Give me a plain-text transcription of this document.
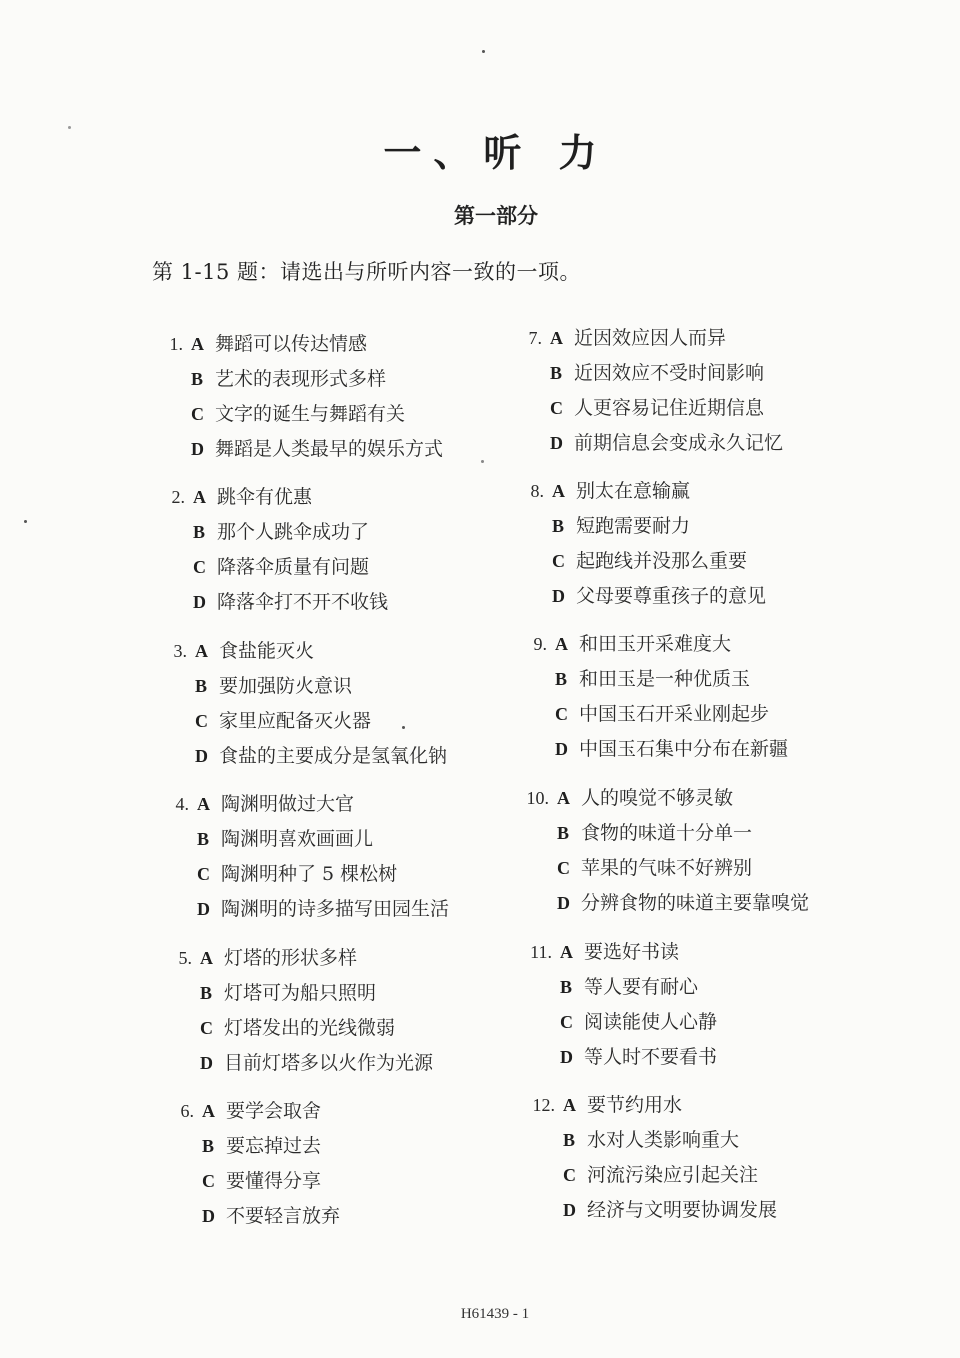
一、听 力
第一部分
第 1-15 题：请选出与所听内容一致的一项。
1. A 舞蹈可以传达情感
B 艺术的表现形式多样
C 文字的诞生与舞蹈有关
D 舞蹈是人类最早的娱乐方式
2. A 跳伞有优惠
B 那个人跳伞成功了
C 降落伞质量有问题
D 降落伞打不开不收钱
3. A 食盐能灭火
B 要加强防火意识
C 家里应配备灭火器
D 食盐的主要成分是氢氧化钠
4. A 陶渊明做过大官
B 陶渊明喜欢画画儿
C 陶渊明种了 5 棵松树
D 陶渊明的诗多描写田园生活
5. A 灯塔的形状多样
B 灯塔可为船只照明
C 灯塔发出的光线微弱
D 目前灯塔多以火作为光源
6. A 要学会取舍
B 要忘掉过去
C 要懂得分享
D 不要轻言放弃
7. A 近因效应因人而异
B 近因效应不受时间影响
C 人更容易记住近期信息
D 前期信息会变成永久记忆
8. A 别太在意输赢
B 短跑需要耐力
C 起跑线并没那么重要
D 父母要尊重孩子的意见
9. A 和田玉开采难度大
B 和田玉是一种优质玉
C 中国玉石开采业刚起步
D 中国玉石集中分布在新疆
10. A 人的嗅觉不够灵敏
B 食物的味道十分单一
C 苹果的气味不好辨别
D 分辨食物的味道主要靠嗅觉
11. A 要选好书读
B 等人要有耐心
C 阅读能使人心静
D 等人时不要看书
12. A 要节约用水
B 水对人类影响重大
C 河流污染应引起关注
D 经济与文明要协调发展
H61439 - 1
